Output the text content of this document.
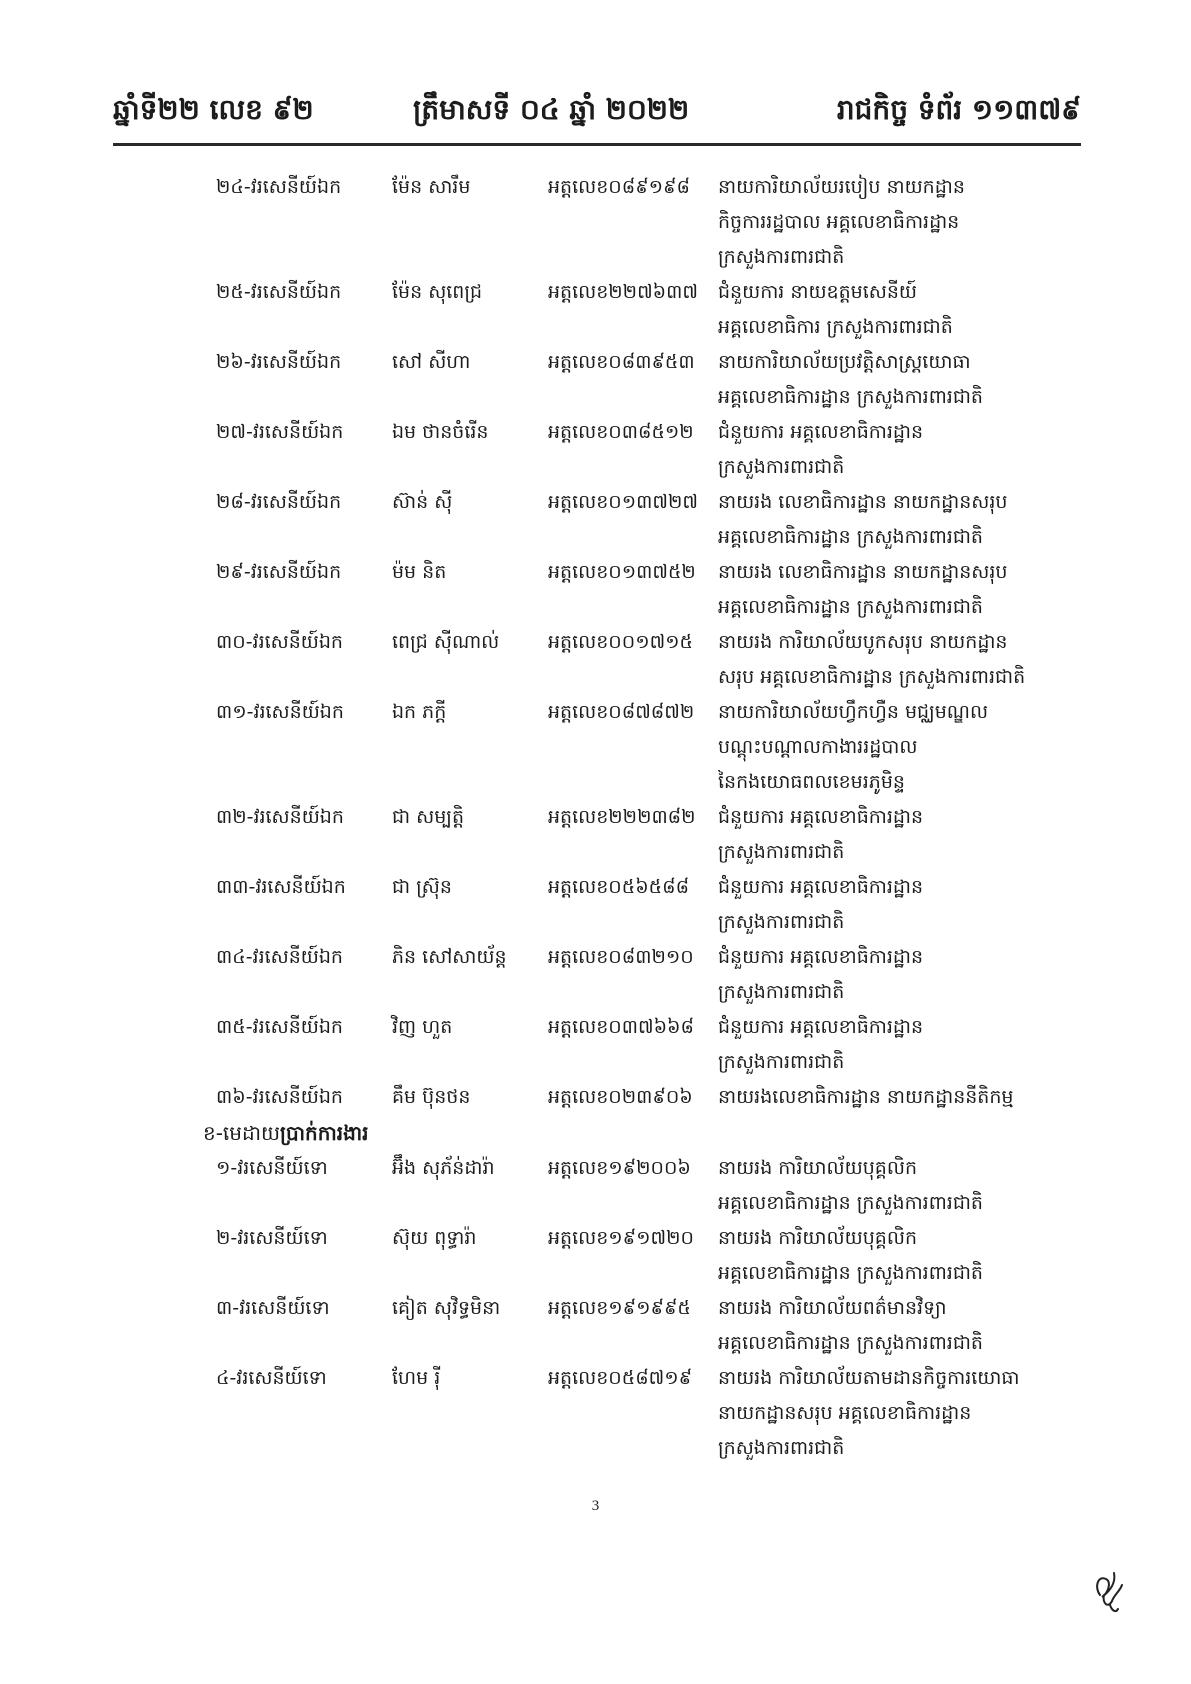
ឆ្នាំទី២២ លេខ ៩២	ត្រឹមាសទី ០៤ ឆ្នាំ ២០២២	រាជកិច្ច ទំព័រ ១១៣៧៩
២៤-វរសេនីយ៍ឯក	ម៉ែន សារឹម	អត្តលេខ០៨៩១៩៨ នាយការិយាល័យរបៀប នាយកដ្ឋាន
កិច្ចការរដ្ឋបាល អគ្គលេខាធិការដ្ឋាន
ក្រសួងការពារជាតិ
២៥-វរសេនីយ៍ឯក	ម៉ែន សុពេជ្រ	អត្តលេខ២២៧៦៣៧ ជំនួយការ នាយឧត្តមសេនីយ៍
អគ្គលេខាធិការ ក្រសួងការពារជាតិ
២៦-វរសេនីយ៍ឯក	សៅ សីហា	អត្តលេខ០៨៣៩៥៣ នាយការិយាល័យប្រវត្តិសាស្ត្រយោធា
អគ្គលេខាធិការដ្ឋាន ក្រសួងការពារជាតិ
២៧-វរសេនីយ៍ឯក	ឯម ថានចំរើន	អត្តលេខ០៣៨៥១២ ជំនួយការ អគ្គលេខាធិការដ្ឋាន
ក្រសួងការពារជាតិ
២៨-វរសេនីយ៍ឯក	ស៊ាន់ ស៊ី	អត្តលេខ០១៣៧២៧ នាយរង លេខាធិការដ្ឋាន នាយកដ្ឋានសរុប
អគ្គលេខាធិការដ្ឋាន ក្រសួងការពារជាតិ
២៩-វរសេនីយ៍ឯក	ម៉ម និត	អត្តលេខ០១៣៧៥២ នាយរង លេខាធិការដ្ឋាន នាយកដ្ឋានសរុប
អគ្គលេខាធិការដ្ឋាន ក្រសួងការពារជាតិ
៣០-វរសេនីយ៍ឯក	ពេជ្រ ស៊ីណាល់	អត្តលេខ០០១៧១៥ នាយរង ការិយាល័យបូកសរុប នាយកដ្ឋាន
សរុប អគ្គលេខាធិការដ្ឋាន ក្រសួងការពារជាតិ
៣១-វរសេនីយ៍ឯក	ឯក ភក្តី	អត្តលេខ០៨៧៨៧២ នាយការិយាល័យហ្វឹកហ្វឺន មជ្ឈមណ្ឌល
បណ្តុះបណ្តាលកាងាររដ្ឋបាល
នៃកងយោធពលខេមរភូមិន្ទ
៣២-វរសេនីយ៍ឯក	ជា សម្បត្តិ	អត្តលេខ២២២៣៨២ ជំនួយការ អគ្គលេខាធិការដ្ឋាន
ក្រសួងការពារជាតិ
៣៣-វរសេនីយ៍ឯក ជា ស្រ៊ុន	អត្តលេខ០៥៦៥៨៨ ជំនួយការ អគ្គលេខាធិការដ្ឋាន
ក្រសួងការពារជាតិ
៣៤-វរសេនីយ៍ឯក	ភិន សៅសាយ័ន្ត អត្តលេខ០៨៣២១០ ជំនួយការ អគ្គលេខាធិការដ្ឋាន
ក្រសួងការពារជាតិ
៣៥-វរសេនីយ៍ឯក	វិញ ហួត	អត្តលេខ០៣៧៦៦៨ ជំនួយការ អគ្គលេខាធិការដ្ឋាន
ក្រសួងការពារជាតិ
៣៦-វរសេនីយ៍ឯក	គឹម ប៊ុនថន	អត្តលេខ០២៣៩០៦ នាយរងលេខាធិការដ្ឋាន នាយកដ្ឋាននីតិកម្ម
ខ-មេដាយប្រាក់ការងារ
១-វរសេនីយ៍ទោ	អ៊ឹង សុភ័ន់ដារ៉ា	អត្តលេខ១៩២០០៦ នាយរង ការិយាល័យបុគ្គលិក
អគ្គលេខាធិការដ្ឋាន ក្រសួងការពារជាតិ
២-វរសេនីយ៍ទោ	ស៊ុយ ពុទ្ធារ៉ា	អត្តលេខ១៩១៧២០ នាយរង ការិយាល័យបុគ្គលិក
អគ្គលេខាធិការដ្ឋាន ក្រសួងការពារជាតិ
៣-វរសេនីយ៍ទោ	គៀត សុវិទ្ធមិនា	អត្តលេខ១៩១៩៩៥ នាយរង ការិយាល័យពត៌មានវិទ្យា
អគ្គលេខាធិការដ្ឋាន ក្រសួងការពារជាតិ
៤-វរសេនីយ៍ទោ	ហែម រ៉ី	អត្តលេខ០៥៨៧១៩ នាយរង ការិយាល័យតាមដានកិច្ចការយោធា
នាយកដ្ឋានសរុប អគ្គលេខាធិការដ្ឋាន
ក្រសួងការពារជាតិ
3
